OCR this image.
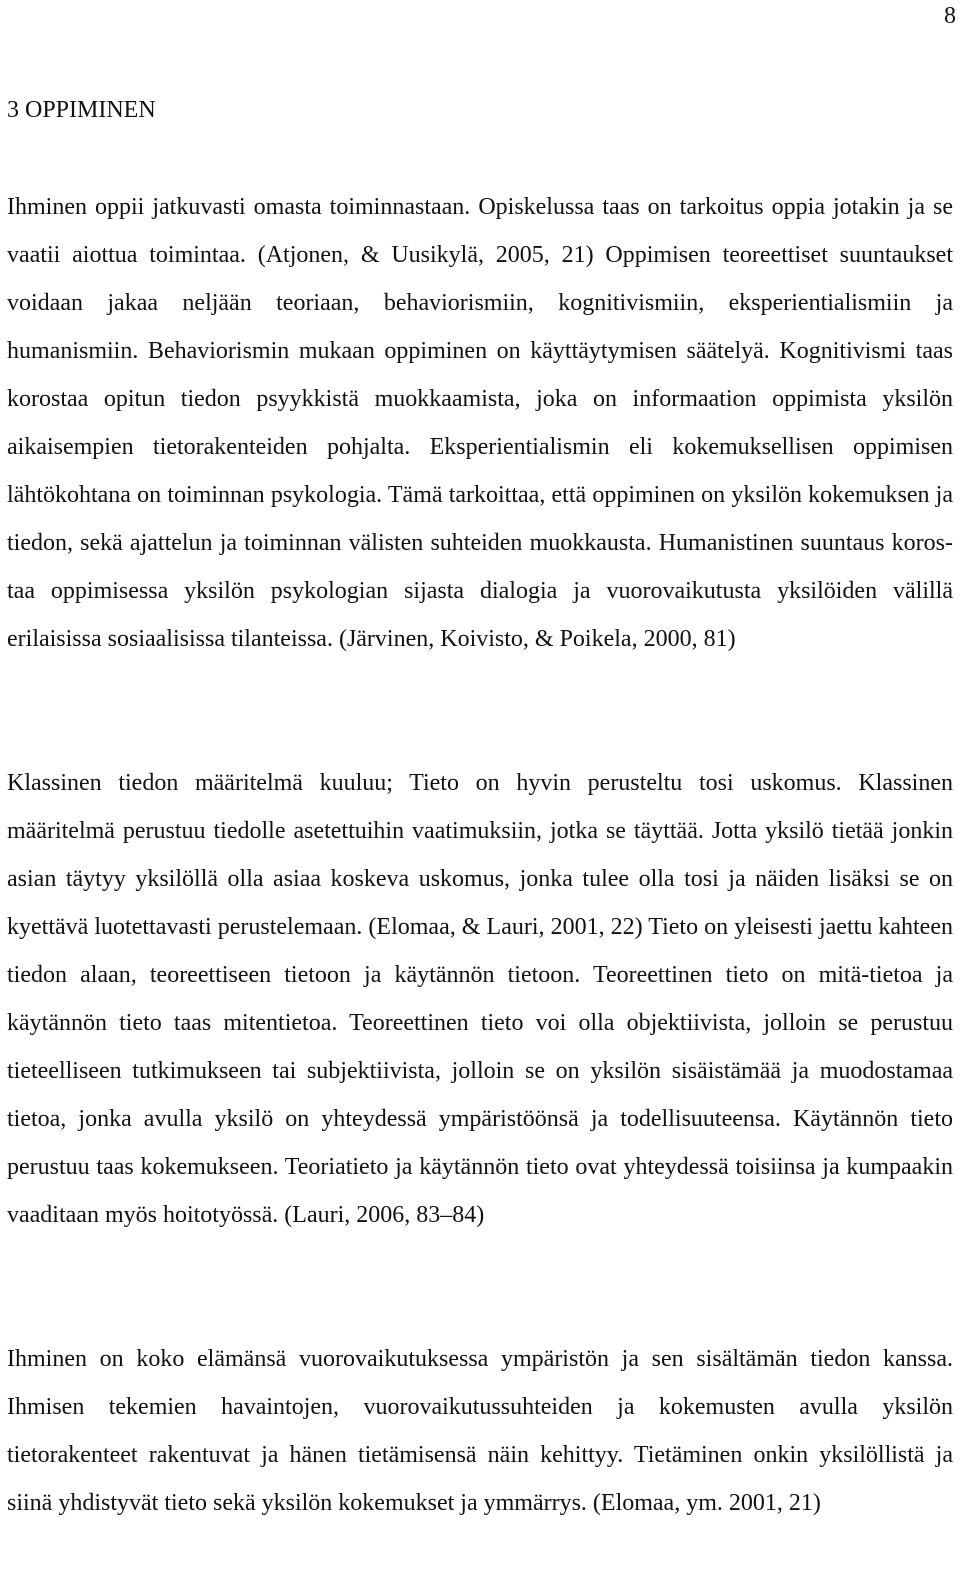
8
3 OPPIMINEN

Ihminen oppii jatkuvasti omasta toiminnastaan. Opiskelussa taas on tarkoitus oppia jotakin ja se vaatii aiottua toimintaa. (Atjonen, & Uusikylä, 2005, 21) Oppimisen teoreettiset suuntaukset voidaan jakaa neljään teoriaan, behaviorismiin, kognitivismiin, eksperientialismiin ja humanismiin. Behaviorismin mukaan oppiminen on käyttäytymisen säätelyä. Kognitivismi taas korostaa opitun tiedon psyykkistä muokkaamista, joka on informaation oppimista yksilön aikaisempien tietorakenteiden pohjalta. Eksperientialismin eli kokemuksellisen oppimisen lähtökohtana on toiminnan psykologia. Tämä tarkoittaa, että oppiminen on yksilön kokemuksen ja tiedon, sekä ajattelun ja toiminnan välisten suhteiden muokkausta. Humanistinen suuntaus korostaa oppimisessa yksilön psykologian sijasta dialogia ja vuorovaikutusta yksilöiden välillä erilaisissa sosiaalisissa tilanteissa. (Järvinen, Koivisto, & Poikela, 2000, 81)

Klassinen tiedon määritelmä kuuluu; Tieto on hyvin perusteltu tosi uskomus. Klassinen määritelmä perustuu tiedolle asetettuihin vaatimuksiin, jotka se täyttää. Jotta yksilö tietää jonkin asian täytyy yksilöllä olla asiaa koskeva uskomus, jonka tulee olla tosi ja näiden lisäksi se on kyettävä luotettavasti perustelemaan. (Elomaa, & Lauri, 2001, 22) Tieto on yleisesti jaettu kahteen tiedon alaan, teoreettiseen tietoon ja käytännön tietoon. Teoreettinen tieto on mitä-tietoa ja käytännön tieto taas mitentietoa. Teoreettinen tieto voi olla objektiivista, jolloin se perustuu tieteelliseen tutkimukseen tai subjektiivista, jolloin se on yksilön sisäistämää ja muodostamaa tietoa, jonka avulla yksilö on yhteydessä ympäristöönsä ja todellisuuteensa. Käytännön tieto perustuu taas kokemukseen. Teoriatieto ja käytännön tieto ovat yhteydessä toisiinsa ja kumpaakin vaaditaan myös hoitotyössä. (Lauri, 2006, 83–84)

Ihminen on koko elämänsä vuorovaikutuksessa ympäristön ja sen sisältämän tiedon kanssa. Ihmisen tekemien havaintojen, vuorovaikutussuhteiden ja kokemusten avulla yksilön tietorakenteet rakentuvat ja hänen tietämisensä näin kehittyy. Tietäminen onkin yksilöllistä ja siinä yhdistyvät tieto sekä yksilön kokemukset ja ymmärrys. (Elomaa, ym. 2001, 21)
